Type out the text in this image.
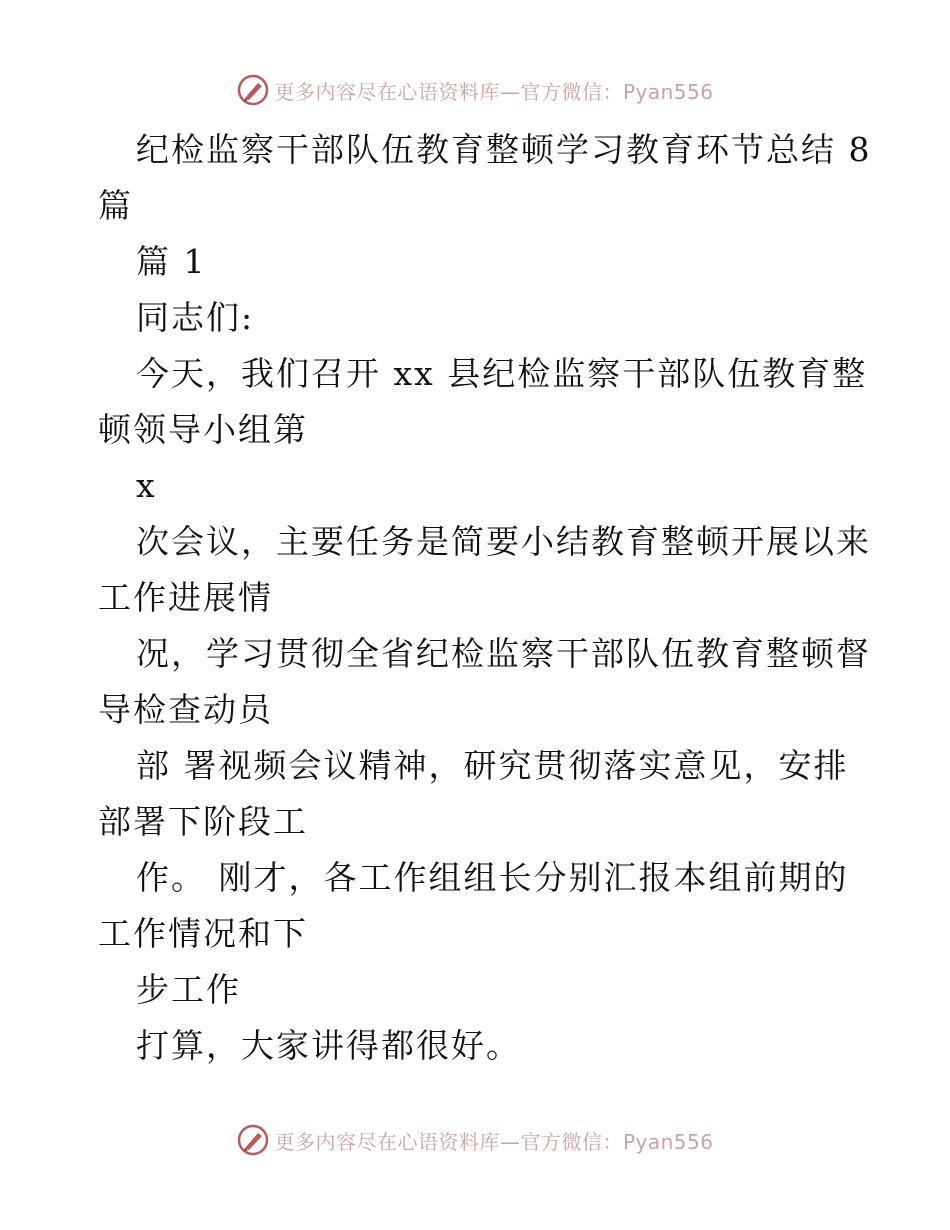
更多内容尽在心语资料库—官方微信：Pyan556
纪检监察干部队伍教育整顿学习教育环节总结 8
篇
篇 1
同志们:
今天，我们召开 xx 县纪检监察干部队伍教育整
顿领导小组第
x
次会议，主要任务是简要小结教育整顿开展以来
工作进展情
况，学习贯彻全省纪检监察干部队伍教育整顿督
导检查动员
部 署视频会议精神，研究贯彻落实意见，安排
部署下阶段工
作。 刚才，各工作组组长分别汇报本组前期的
工作情况和下
步工作
打算，大家讲得都很好。
更多内容尽在心语资料库—官方微信：Pyan556
